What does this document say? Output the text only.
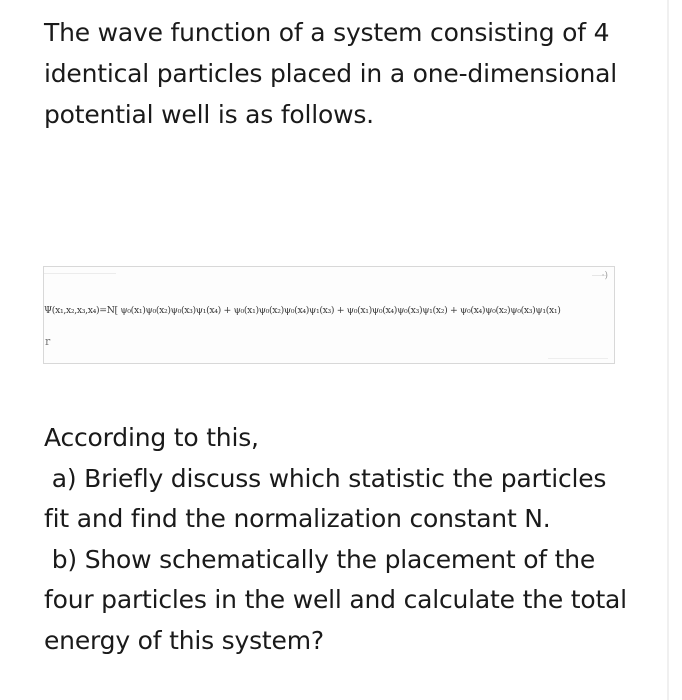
The wave function of a system consisting of 4
identical particles placed in a one-dimensional
potential well is as follows.
·)
Ψ(x₁,x₂,x₃,x₄)=N[ ψ₀(x₁)ψ₀(x₂)ψ₀(x₃)ψ₁(x₄) + ψ₀(x₁)ψ₀(x₂)ψ₀(x₄)ψ₁(x₃) + ψ₀(x₁)ψ₀(x₄)ψ₀(x₃)ψ₁(x₂) + ψ₀(x₄)ψ₀(x₂)ψ₀(x₃)ψ₁(x₁)
r
According to this,
a) Briefly discuss which statistic the particles
fit and find the normalization constant N.
b) Show schematically the placement of the
four particles in the well and calculate the total
energy of this system?
